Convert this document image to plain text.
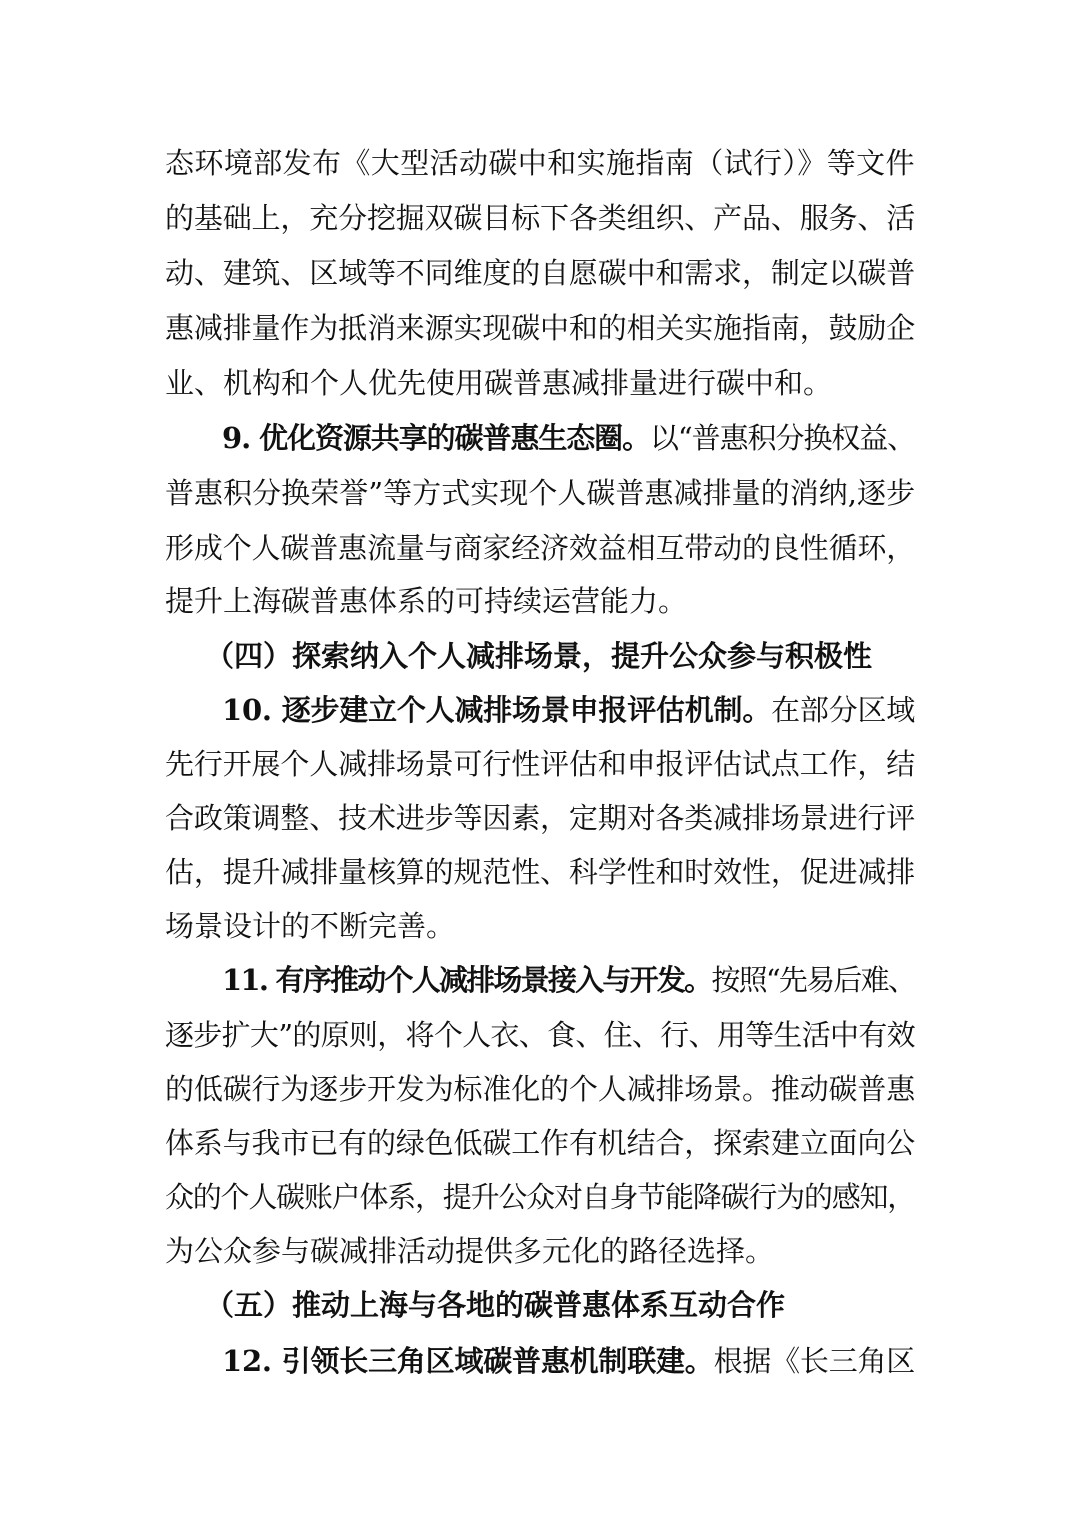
态环境部发布《大型活动碳中和实施指南（试行）》等文件
的基础上，充分挖掘双碳目标下各类组织、产品、服务、活
动、建筑、区域等不同维度的自愿碳中和需求，制定以碳普
惠减排量作为抵消来源实现碳中和的相关实施指南，鼓励企
业、机构和个人优先使用碳普惠减排量进行碳中和。
9. 优化资源共享的碳普惠生态圈。以“普惠积分换权益、
普惠积分换荣誉”等方式实现个人碳普惠减排量的消纳,逐步
形成个人碳普惠流量与商家经济效益相互带动的良性循环，
提升上海碳普惠体系的可持续运营能力。
（四）探索纳入个人减排场景，提升公众参与积极性
10. 逐步建立个人减排场景申报评估机制。在部分区域
先行开展个人减排场景可行性评估和申报评估试点工作，结
合政策调整、技术进步等因素，定期对各类减排场景进行评
估，提升减排量核算的规范性、科学性和时效性，促进减排
场景设计的不断完善。
11. 有序推动个人减排场景接入与开发。按照“先易后难、
逐步扩大”的原则，将个人衣、食、住、行、用等生活中有效
的低碳行为逐步开发为标准化的个人减排场景。推动碳普惠
体系与我市已有的绿色低碳工作有机结合，探索建立面向公
众的个人碳账户体系，提升公众对自身节能降碳行为的感知，
为公众参与碳减排活动提供多元化的路径选择。
（五）推动上海与各地的碳普惠体系互动合作
12. 引领长三角区域碳普惠机制联建。根据《长三角区
